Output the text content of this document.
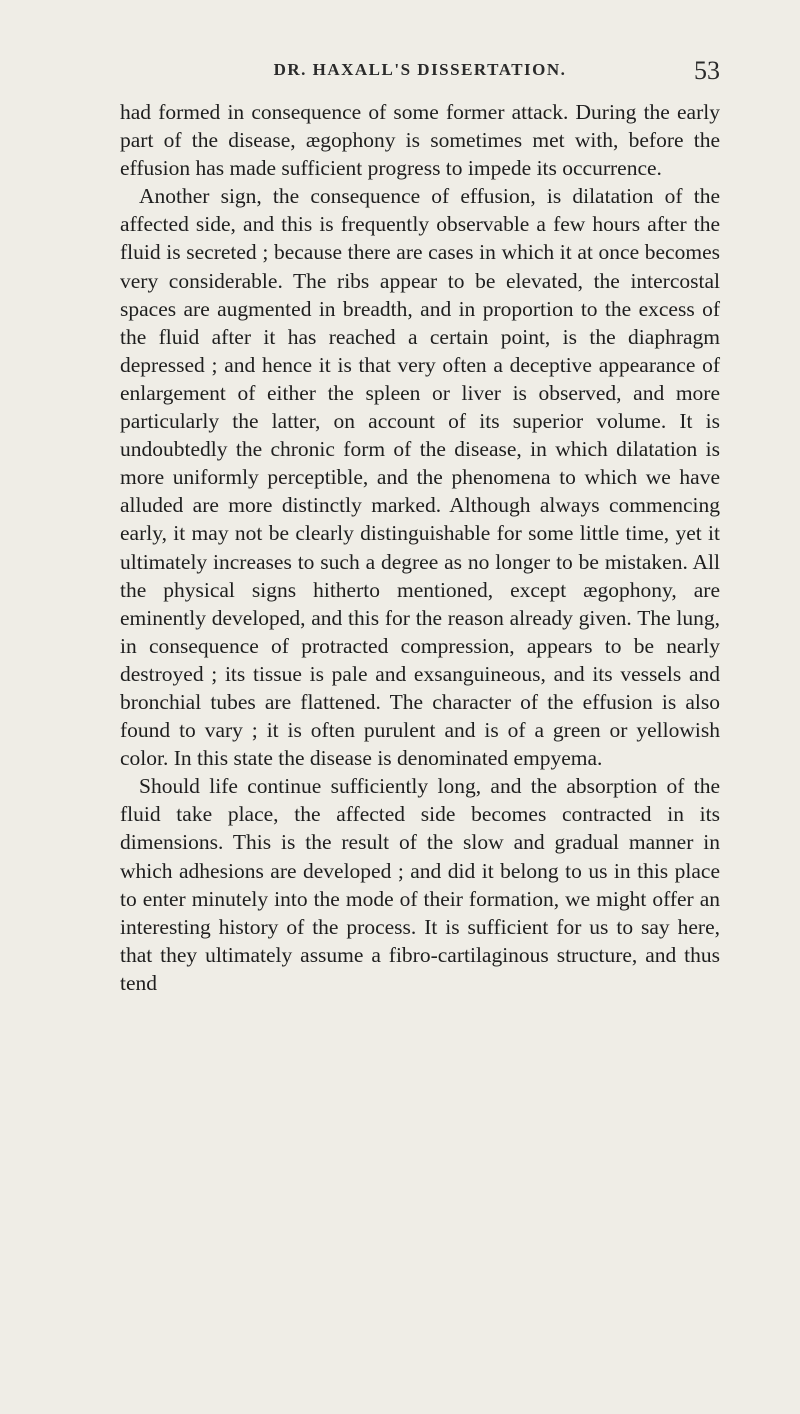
DR. HAXALL'S DISSERTATION.	53

had formed in consequence of some former attack. During the early part of the disease, ægophony is sometimes met with, before the effusion has made sufficient progress to impede its occurrence.

Another sign, the consequence of effusion, is dilatation of the affected side, and this is frequently observable a few hours after the fluid is secreted ; because there are cases in which it at once becomes very considerable. The ribs appear to be elevated, the intercostal spaces are augmented in breadth, and in proportion to the excess of the fluid after it has reached a certain point, is the diaphragm depressed ; and hence it is that very often a deceptive appearance of enlargement of either the spleen or liver is observed, and more particularly the latter, on account of its superior volume. It is undoubtedly the chronic form of the disease, in which dilatation is more uniformly perceptible, and the phenomena to which we have alluded are more distinctly marked. Although always commencing early, it may not be clearly distinguishable for some little time, yet it ultimately increases to such a degree as no longer to be mistaken. All the physical signs hitherto mentioned, except ægophony, are eminently developed, and this for the reason already given. The lung, in consequence of protracted compression, appears to be nearly destroyed ; its tissue is pale and exsanguineous, and its vessels and bronchial tubes are flattened. The character of the effusion is also found to vary ; it is often purulent and is of a green or yellowish color. In this state the disease is denominated empyema.

Should life continue sufficiently long, and the absorption of the fluid take place, the affected side becomes contracted in its dimensions. This is the result of the slow and gradual manner in which adhesions are developed ; and did it belong to us in this place to enter minutely into the mode of their formation, we might offer an interesting history of the process. It is sufficient for us to say here, that they ultimately assume a fibro-cartilaginous structure, and thus tend
